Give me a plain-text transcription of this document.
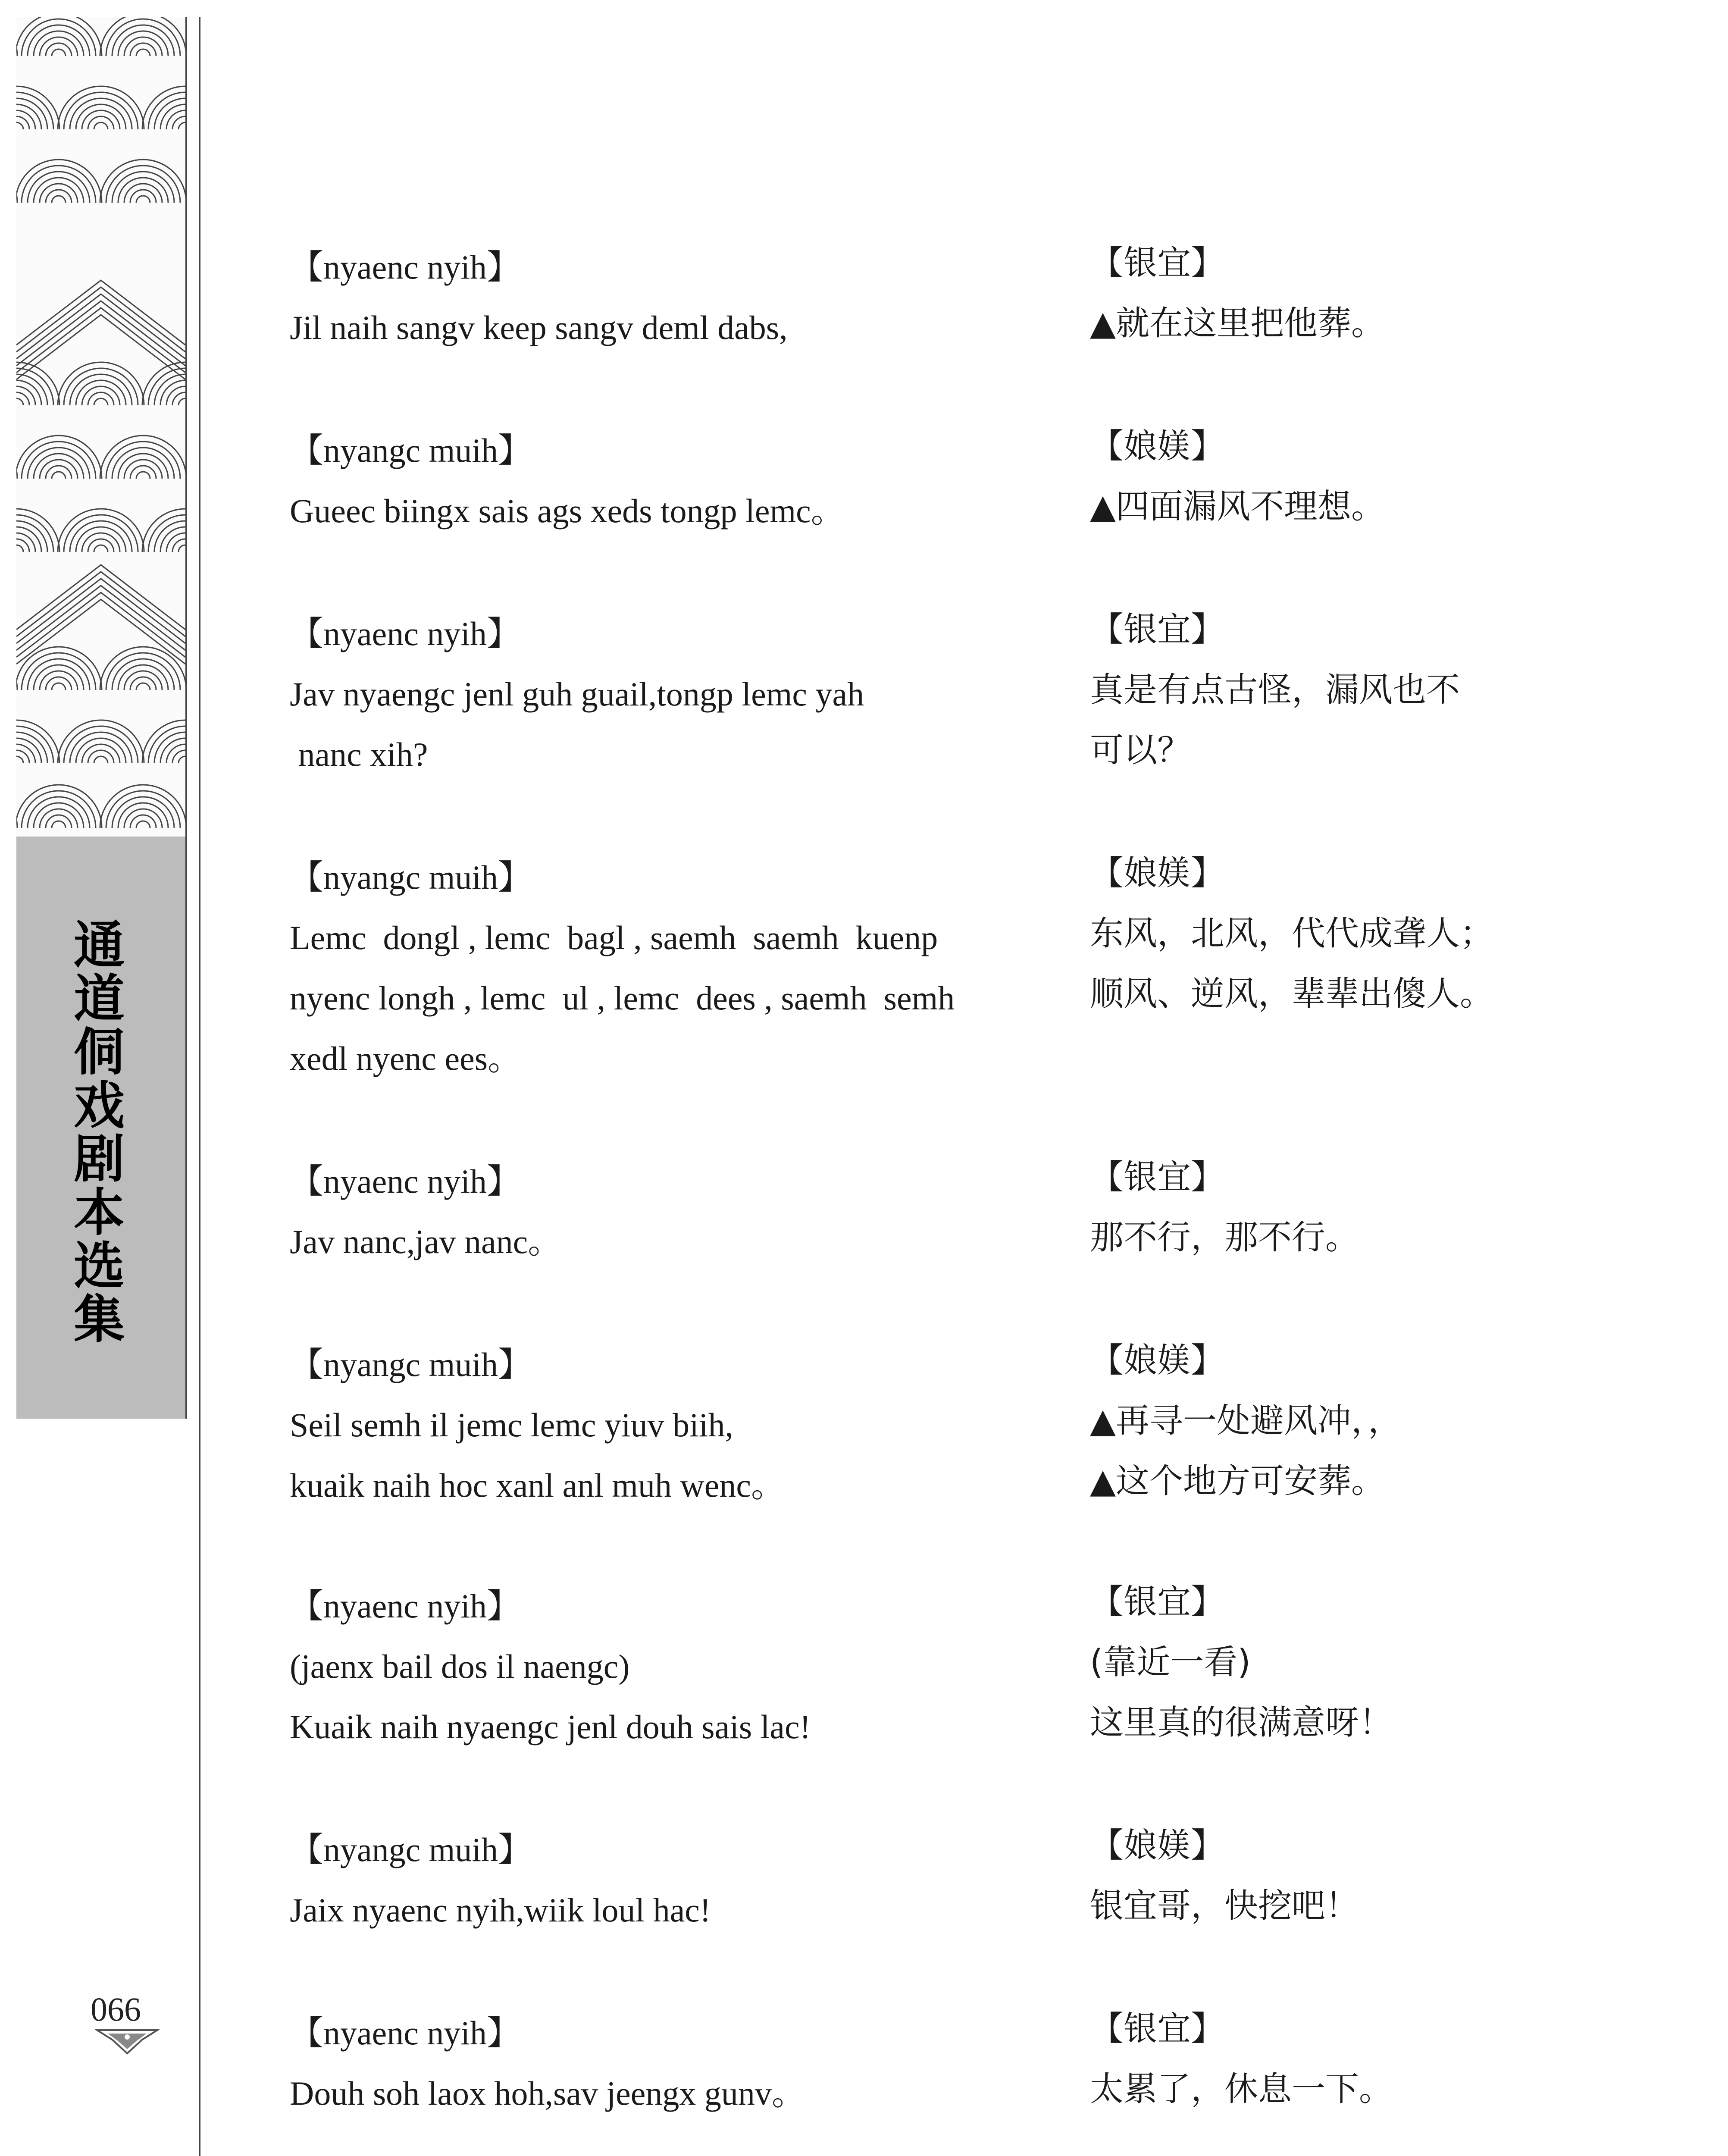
通道侗戏剧本选集
066
【nyaenc nyih】
Jil naih sangv keep sangv deml dabs,
【银宜】
▲就在这里把他葬。
【nyangc muih】
Gueec biingx sais ags xeds tongp lemc。
【娘媄】
▲四面漏风不理想。
【nyaenc nyih】
Jav nyaengc jenl guh guail,tongp lemc yah
nanc xih?
【银宜】
真是有点古怪，漏风也不
可以？
【nyangc muih】
Lemc  dongl , lemc  bagl , saemh  saemh  kuenp
nyenc longh , lemc  ul , lemc  dees , saemh  semh
xedl nyenc ees。
【娘媄】
东风，北风，代代成聋人；
顺风、逆风，辈辈出傻人。
【nyaenc nyih】
Jav nanc,jav nanc。
【银宜】
那不行，那不行。
【nyangc muih】
Seil semh il jemc lemc yiuv biih,
kuaik naih hoc xanl anl muh wenc。
【娘媄】
▲再寻一处避风冲，，
▲这个地方可安葬。
【nyaenc nyih】
(jaenx bail dos il naengc)
Kuaik naih nyaengc jenl douh sais lac!
【银宜】
(靠近一看)
这里真的很满意呀！
【nyangc muih】
Jaix nyaenc nyih,wiik loul hac!
【娘媄】
银宜哥，快挖吧！
【nyaenc nyih】
Douh soh laox hoh,sav jeengx gunv。
【银宜】
太累了，休息一下。
